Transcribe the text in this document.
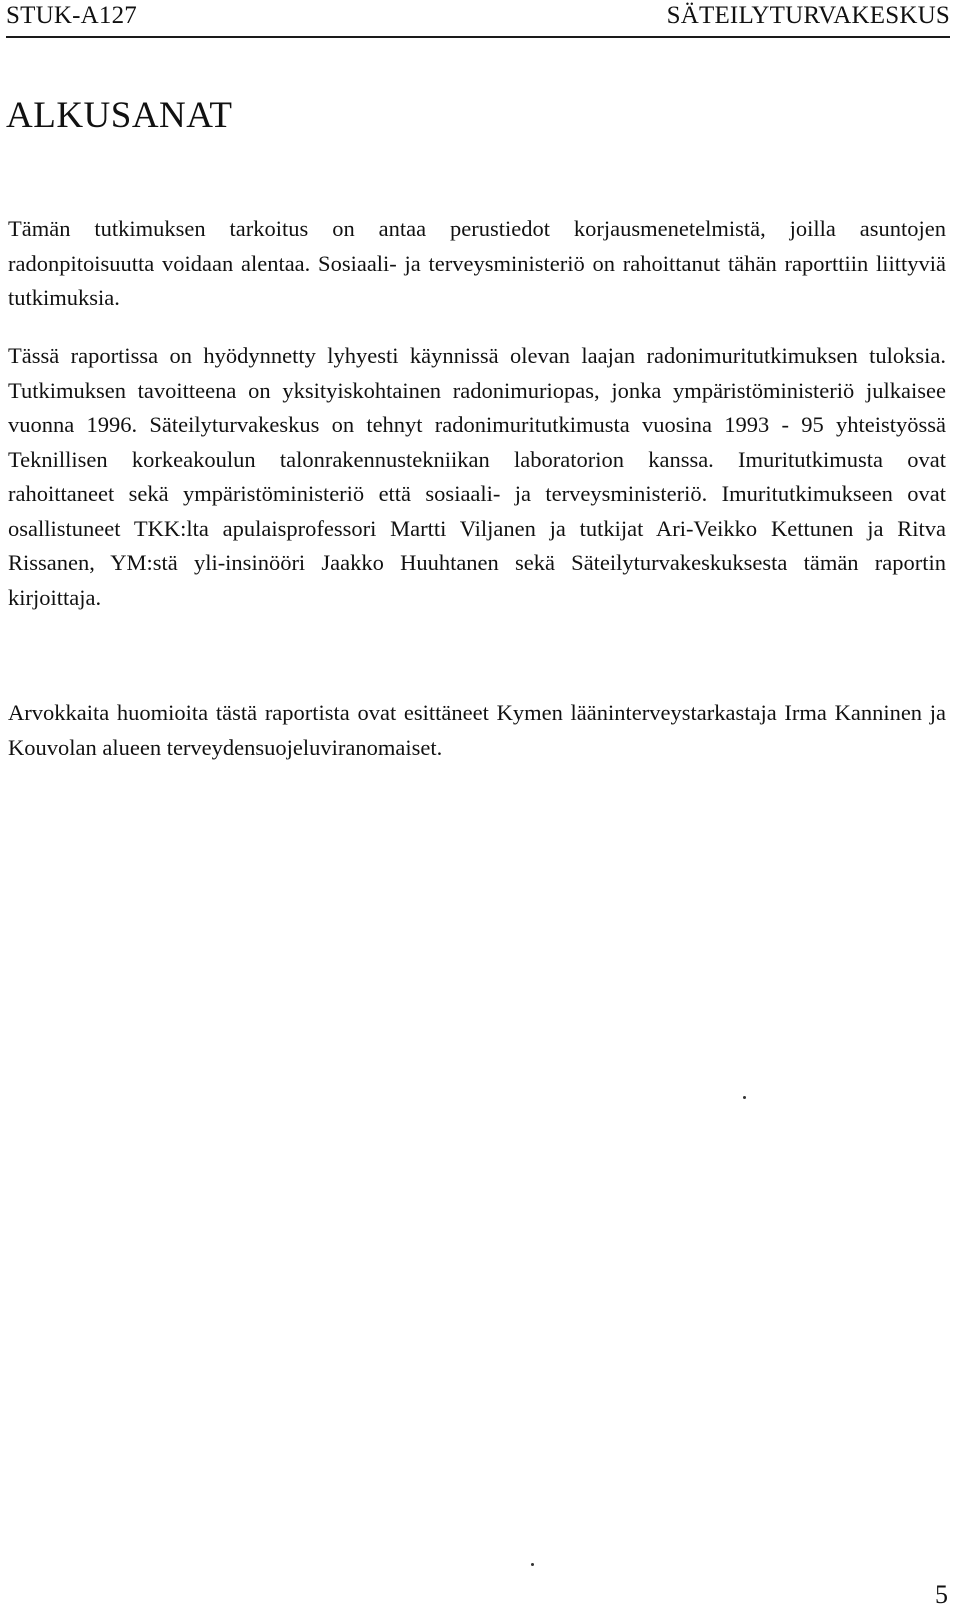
STUK-A127	SÄTEILYTURVAKESKUS
ALKUSANAT

Tämän tutkimuksen tarkoitus on antaa perustiedot korjausmenetelmistä, joilla asuntojen radonpitoisuutta voidaan alentaa. Sosiaali- ja terveysministeriö on rahoittanut tähän raporttiin liittyviä tutkimuksia.

Tässä raportissa on hyödynnetty lyhyesti käynnissä olevan laajan radonimuritutkimuksen tuloksia. Tutkimuksen tavoitteena on yksityiskohtainen radonimuriopas, jonka ympäristöministeriö julkaisee vuonna 1996. Säteilyturvakeskus on tehnyt radonimuritutkimusta vuosina 1993 - 95 yhteistyössä Teknillisen korkeakoulun talonrakennustekniikan laboratorion kanssa. Imuritutkimusta ovat rahoittaneet sekä ympäristöministeriö että sosiaali- ja terveysministeriö. Imuritutkimukseen ovat osallistuneet TKK:lta apulaisprofessori Martti Viljanen ja tutkijat Ari-Veikko Kettunen ja Ritva Rissanen, YM:stä yli-insinööri Jaakko Huuhtanen sekä Säteilyturvakeskuksesta tämän raportin kirjoittaja.

Arvokkaita huomioita tästä raportista ovat esittäneet Kymen lääninterveystarkastaja Irma Kanninen ja Kouvolan alueen terveydensuojeluviranomaiset.

5
